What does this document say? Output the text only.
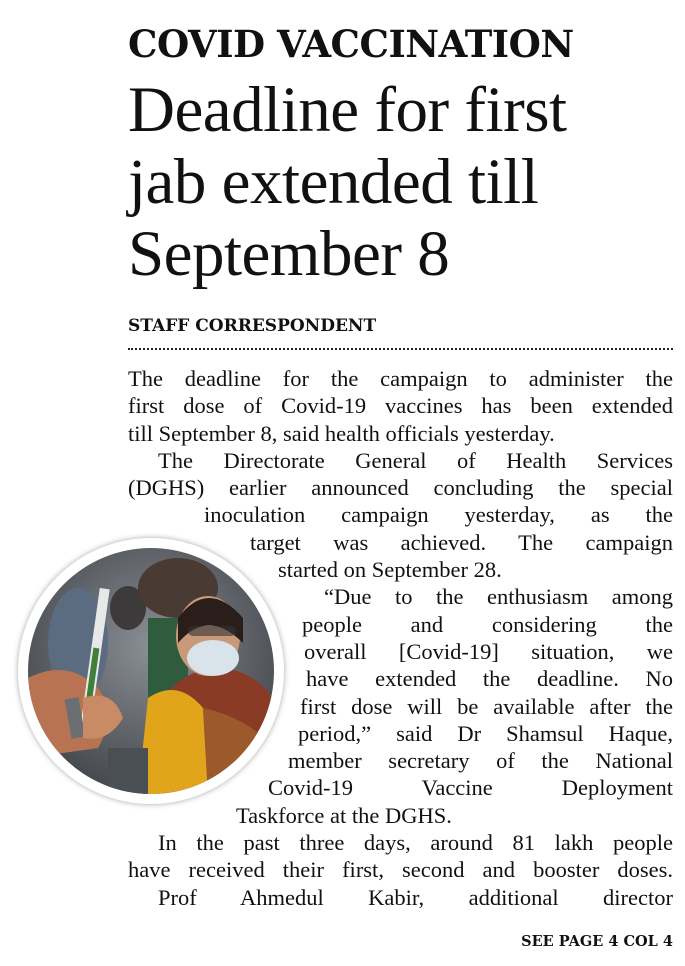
COVID VACCINATION
Deadline for first
jab extended till
September 8
STAFF CORRESPONDENT
The deadline for the campaign to administer the
first dose of Covid-19 vaccines has been extended
till September 8, said health officials yesterday.
The Directorate General of Health Services
(DGHS) earlier announced concluding the special
inoculation campaign yesterday, as the
target was achieved. The campaign
started on September 28.
“Due to the enthusiasm among
people and considering the
overall [Covid-19] situation, we
have extended the deadline. No
first dose will be available after the
period,” said Dr Shamsul Haque,
member secretary of the National
Covid-19 Vaccine Deployment
Taskforce at the DGHS.
In the past three days, around 81 lakh people
have received their first, second and booster doses.
Prof Ahmedul Kabir, additional director
SEE PAGE 4 COL 4
